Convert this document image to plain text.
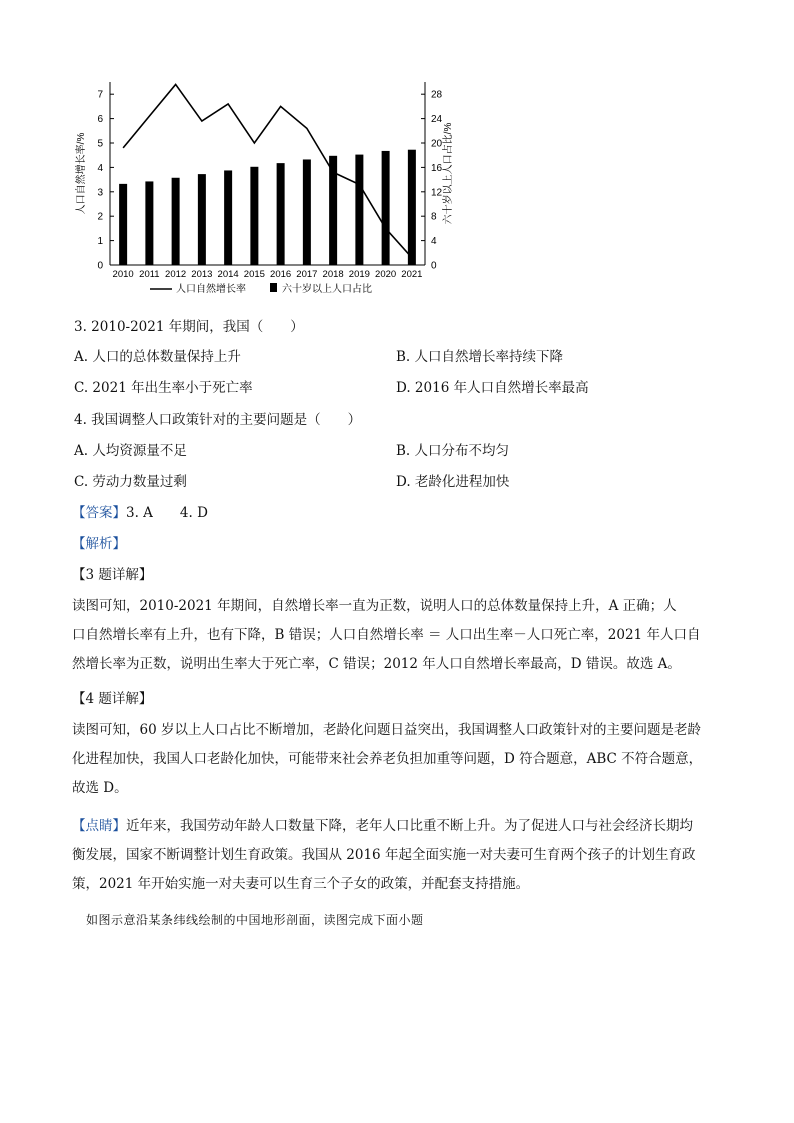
0
1
2
3
4
5
6
7
0
4
8
12
16
20
24
28
2010 2011 2012 2013 2014 2015 2016 2017 2018 2019 2020 2021
人口自然增长率/%	六十岁以上人口占比/%
人口自然增长率	六十岁以上人口占比
3. 2010-2021 年期间，我国（　　）
A. 人口的总体数量保持上升	B. 人口自然增长率持续下降
C. 2021 年出生率小于死亡率	D. 2016 年人口自然增长率最高
4. 我国调整人口政策针对的主要问题是（　　）
A. 人均资源量不足	B. 人口分布不均匀
C. 劳动力数量过剩	D. 老龄化进程加快
【答案】3. A　　4. D
【解析】
【3 题详解】
读图可知，2010-2021 年期间，自然增长率一直为正数，说明人口的总体数量保持上升，A 正确；人
口自然增长率有上升，也有下降，B 错误；人口自然增长率 ＝ 人口出生率－人口死亡率，2021 年人口自
然增长率为正数，说明出生率大于死亡率，C 错误；2012 年人口自然增长率最高，D 错误。故选 A。
【4 题详解】
读图可知，60 岁以上人口占比不断增加，老龄化问题日益突出，我国调整人口政策针对的主要问题是老龄
化进程加快，我国人口老龄化加快，可能带来社会养老负担加重等问题，D 符合题意，ABC 不符合题意，
故选 D。
【点睛】近年来，我国劳动年龄人口数量下降，老年人口比重不断上升。为了促进人口与社会经济长期均
衡发展，国家不断调整计划生育政策。我国从 2016 年起全面实施一对夫妻可生育两个孩子的计划生育政
策，2021 年开始实施一对夫妻可以生育三个子女的政策，并配套支持措施。
如图示意沿某条纬线绘制的中国地形剖面，读图完成下面小题
